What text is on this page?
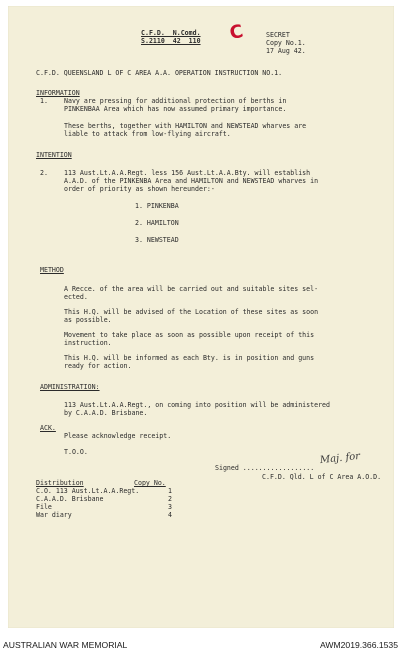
C.F.D.  N.Comd.
S.2110  42  110 C	SECRET
Copy No.1.
17 Aug 42.
C.F.D. QUEENSLAND L OF C AREA A.A. OPERATION INSTRUCTION NO.1.
INFORMATION
1. Navy are pressing for additional protection of berths in
PINKENBAA Area which has now assumed primary importance.
These berths, together with HAMILTON and NEWSTEAD wharves are
liable to attack from low-flying aircraft.
INTENTION
2. 113 Aust.Lt.A.A.Regt. less 156 Aust.Lt.A.A.Bty. will establish
A.A.D. of the PINKENBA Area and HAMILTON and NEWSTEAD wharves in
order of priority as shown hereunder:-
1. PINKENBA
2. HAMILTON
3. NEWSTEAD
METHOD
A Recce. of the area will be carried out and suitable sites sel-
ected.
This H.Q. will be advised of the Location of these sites as soon
as possible.
Movement to take place as soon as possible upon receipt of this
instruction.
This H.Q. will be informed as each Bty. is in position and guns
ready for action.
ADMINISTRATION:
113 Aust.Lt.A.A.Regt., on coming into position will be administered
by C.A.A.D. Brisbane.
ACK.
Please acknowledge receipt.
T.O.O.
Signed ..................
Maj. for
C.F.D. Qld. L of C Area A.O.D.
Distribution	Copy No.
C.O. 113 Aust.Lt.A.A.Regt.	1
C.A.A.D. Brisbane	2
File	3
War diary	4
AUSTRALIAN WAR MEMORIAL	AWM2019.366.1535
